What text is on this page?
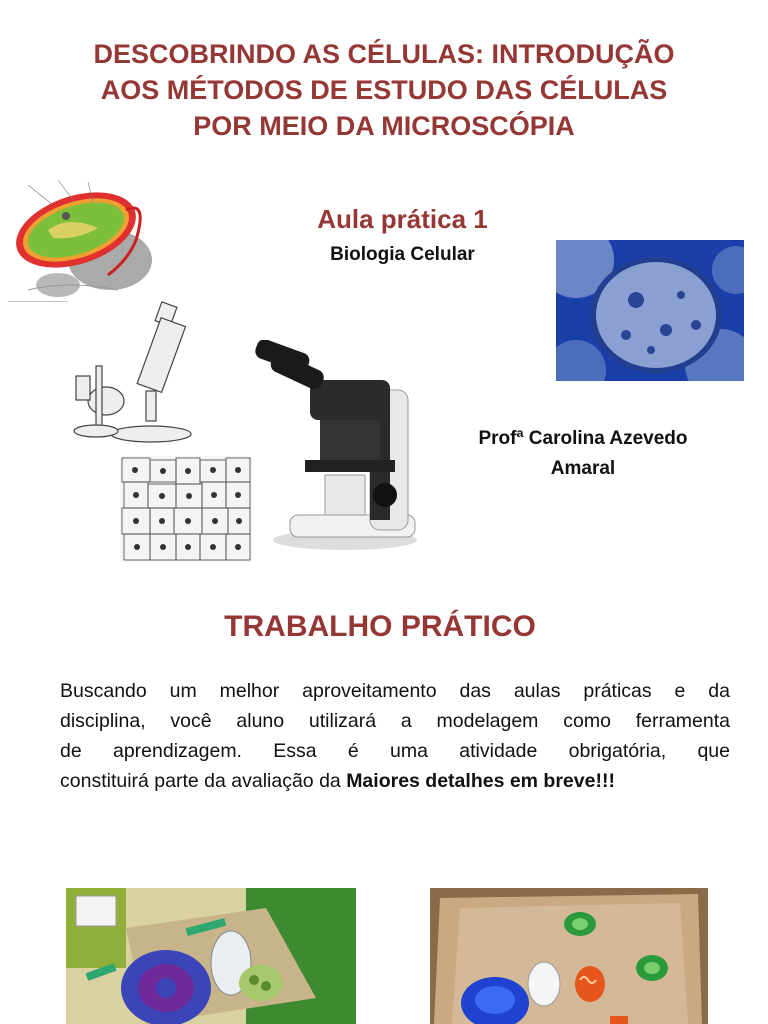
DESCOBRINDO AS CÉLULAS: INTRODUÇÃO
AOS MÉTODOS DE ESTUDO DAS CÉLULAS
POR MEIO DA MICROSCÓPIA
Aula prática 1
Biologia Celular
Profª Carolina Azevedo
Amaral
TRABALHO PRÁTICO
Buscando um melhor aproveitamento das aulas práticas e da
disciplina, você aluno utilizará a modelagem como ferramenta
de aprendizagem. Essa é uma atividade obrigatória, que
constituirá parte da avaliação da Maiores detalhes em breve!!!
